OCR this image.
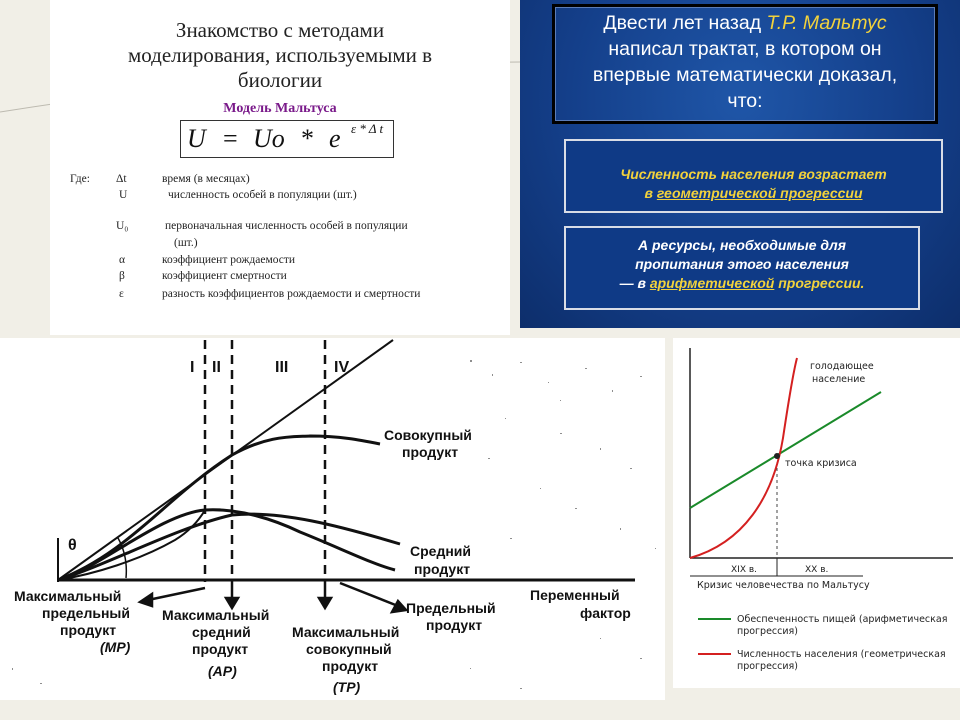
Знакомство с методами
моделирования, используемыми в
биологии
Модель Мальтуса
U = Uo * e ε * Δ t
Где: Δt	время (в месяцах)
U	численность особей в популяции (шт.)
U₀	первоначальная численность особей в популяции
(шт.)
α	коэффициент рождаемости
β	коэффициент смертности
ε	разность коэффициентов рождаемости и смертности
Двести лет назад Т.Р. Мальтус
написал трактат, в котором он
впервые математически доказал,
что:
Численность населения возрастает
в геометрической прогрессии
А ресурсы, необходимые для
пропитания этого населения
— в арифметической прогрессии.
I II	III	IV
θ
Совокупный
продукт
Средний
продукт
Предельный
продукт
Переменный
фактор
Максимальный
предельный
продукт
(MP)
Максимальный
средний
продукт
(AP)
Максимальный
совокупный
продукт
(TP)
голодающее
население
точка кризиса
XIX в.	XX в.
Кризис человечества по Мальтусу
Обеспеченность пищей (арифметическая
прогрессия)
Численность населения (геометрическая
прогрессия)
